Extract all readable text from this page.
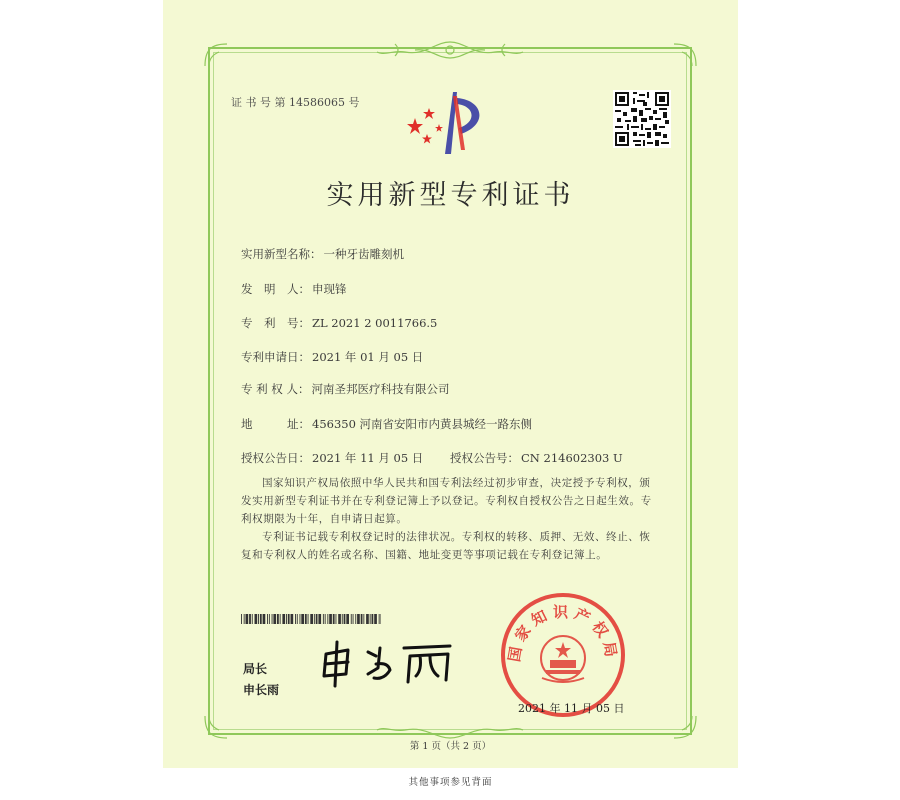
证 书 号 第 14586065 号
实用新型专利证书
实用新型名称： 一种牙齿雕刻机
发　明　人： 申现锋
专　利　号： ZL 2021 2 0011766.5
专利申请日： 2021 年 01 月 05 日
专 利 权 人： 河南圣邦医疗科技有限公司
地　　　址： 456350 河南省安阳市内黄县城经一路东侧
授权公告日： 2021 年 11 月 05 日 授权公告号： CN 214602303 U
国家知识产权局依照中华人民共和国专利法经过初步审查，决定授予专利权，颁发实用新型专利证书并在专利登记簿上予以登记。专利权自授权公告之日起生效。专利权期限为十年，自申请日起算。
专利证书记载专利权登记时的法律状况。专利权的转移、质押、无效、终止、恢复和专利权人的姓名或名称、国籍、地址变更等事项记载在专利登记簿上。
局长
申长雨
国家知识产权局
2021 年 11 月 05 日
第 1 页（共 2 页）
其他事项参见背面
